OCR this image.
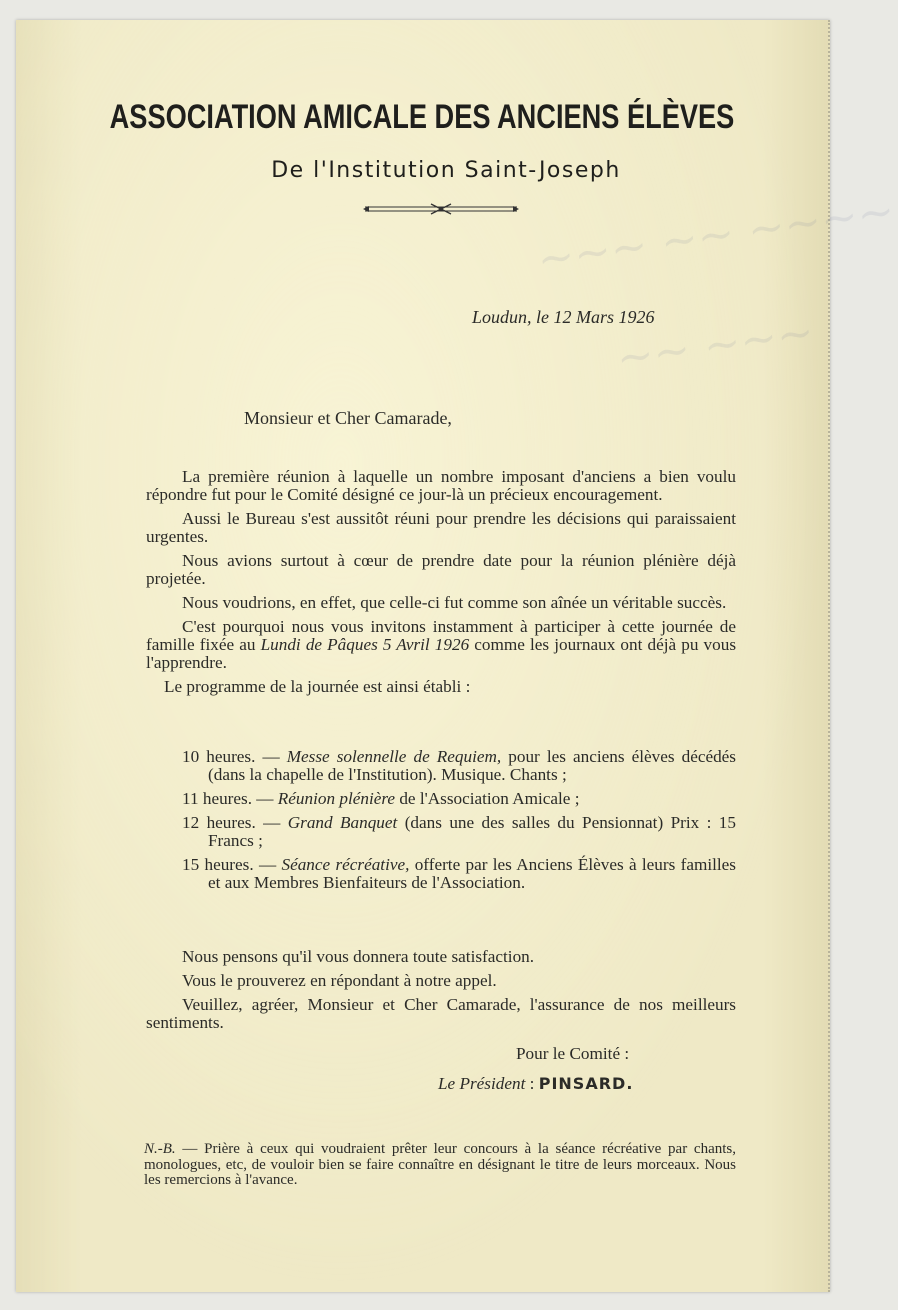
~~~ ~~ ~~~~
~~ ~~~
ASSOCIATION AMICALE DES ANCIENS ÉLÈVES
De l'Institution Saint-Joseph
Loudun, le 12 Mars 1926
Monsieur et Cher Camarade,

La première réunion à laquelle un nombre imposant d'anciens a bien voulu répondre fut pour le Comité désigné ce jour-là un précieux encouragement.

Aussi le Bureau s'est aussitôt réuni pour prendre les décisions qui paraissaient urgentes.

Nous avions surtout à cœur de prendre date pour la réunion plénière déjà projetée.

Nous voudrions, en effet, que celle-ci fut comme son aînée un véritable succès.

C'est pourquoi nous vous invitons instamment à participer à cette journée de famille fixée au Lundi de Pâques 5 Avril 1926 comme les journaux ont déjà pu vous l'apprendre.

Le programme de la journée est ainsi établi :

10 heures. — Messe solennelle de Requiem, pour les anciens élèves décédés (dans la chapelle de l'Institution). Musique. Chants ;
11 heures. — Réunion plénière de l'Association Amicale ;
12 heures. — Grand Banquet (dans une des salles du Pensionnat) Prix : 15 Francs ;
15 heures. — Séance récréative, offerte par les Anciens Élèves à leurs familles et aux Membres Bienfaiteurs de l'Association.

Nous pensons qu'il vous donnera toute satisfaction.

Vous le prouverez en répondant à notre appel.

Veuillez, agréer, Monsieur et Cher Camarade, l'assurance de nos meilleurs sentiments.

Pour le Comité :
Le Président : PINSARD.
N.-B. — Prière à ceux qui voudraient prêter leur concours à la séance récréative par chants, monologues, etc, de vouloir bien se faire connaître en désignant le titre de leurs morceaux. Nous les remercions à l'avance.
